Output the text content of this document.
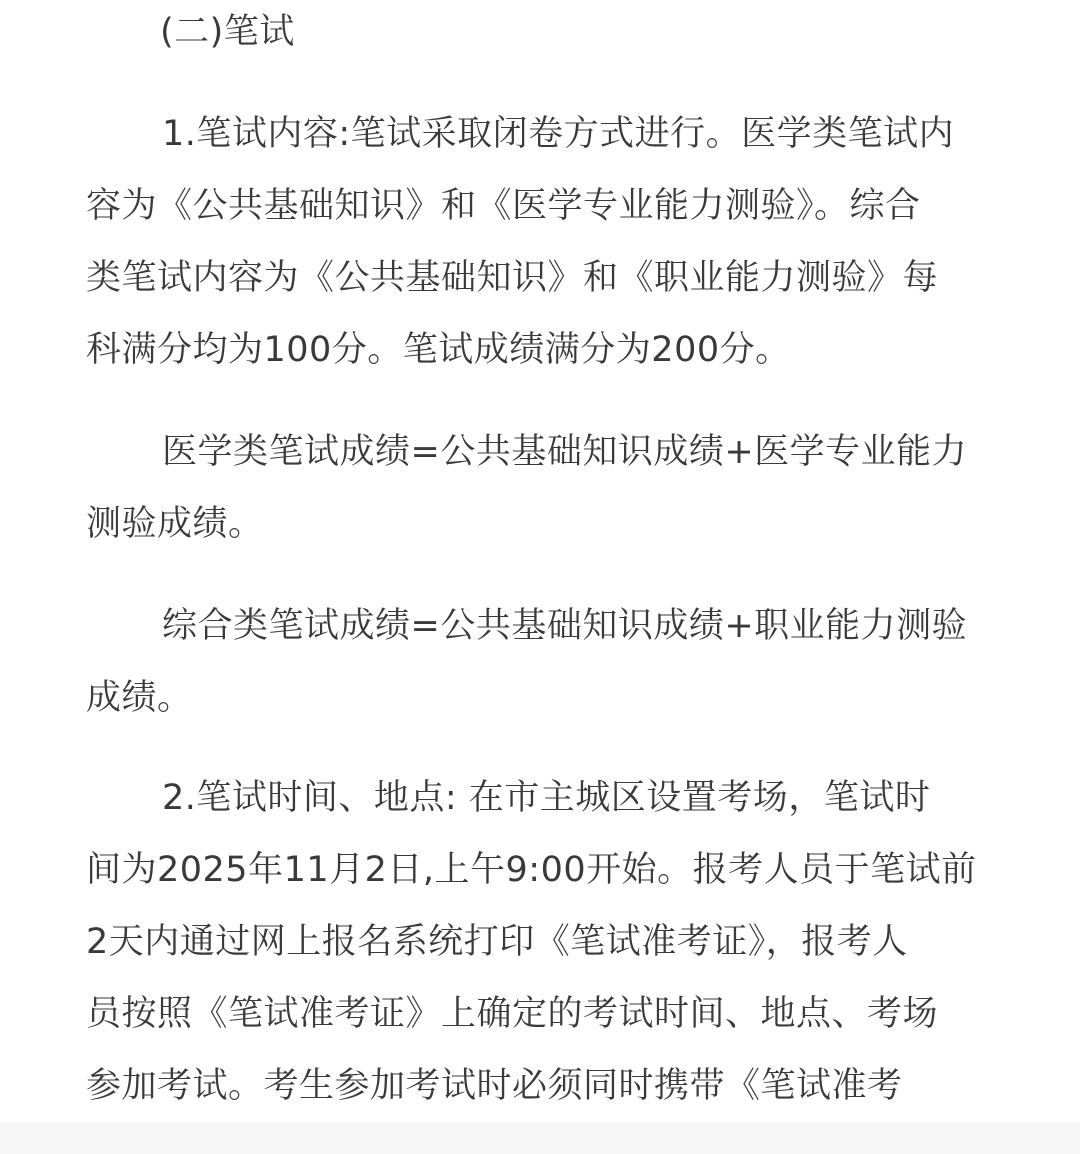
(二)笔试

1.笔试内容:笔试采取闭卷方式进行。医学类笔试内
容为《公共基础知识》和《医学专业能力测验》。综合
类笔试内容为《公共基础知识》和《职业能力测验》每
科满分均为100分。笔试成绩满分为200分。

医学类笔试成绩=公共基础知识成绩+医学专业能力
测验成绩。

综合类笔试成绩=公共基础知识成绩+职业能力测验
成绩。

2.笔试时间、地点: 在市主城区设置考场，笔试时
间为2025年11月2日,上午9:00开始。报考人员于笔试前
2天内通过网上报名系统打印《笔试准考证》，报考人
员按照《笔试准考证》上确定的考试时间、地点、考场
参加考试。考生参加考试时必须同时携带《笔试准考
